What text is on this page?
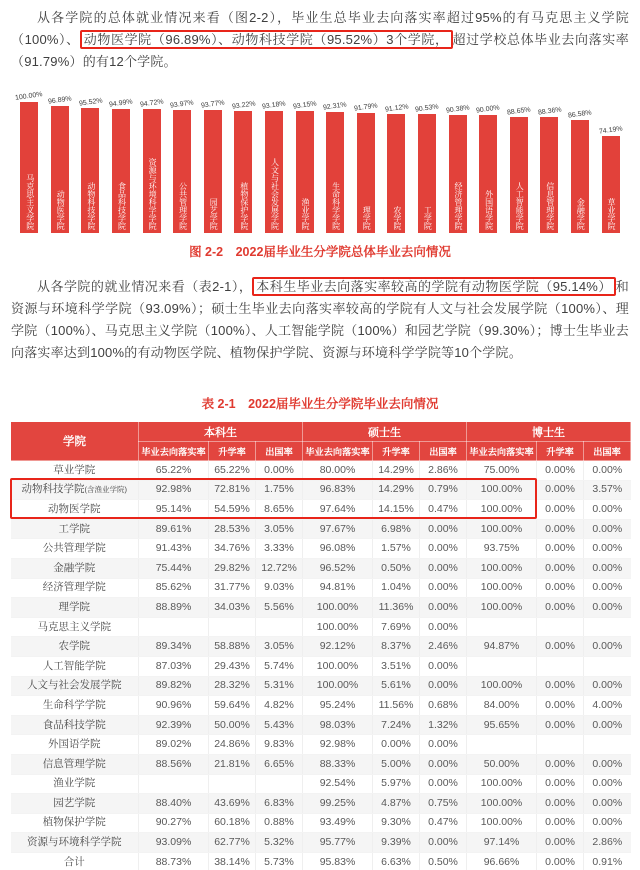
从各学院的总体就业情况来看（图2-2），毕业生总毕业去向落实率超过95%的有马克思主义学院（100%）、 动物医学院（96.89%）、动物科技学院（95.52%）3个学院， 超过学校总体毕业去向落实率（91.79%）的有12个学院。

100.00%
马克思主义学院
96.89%
动物医学院
95.52%
动物科技学院
94.99%
食品科技学院
94.72%
资源与环境科学学院
93.97%
公共管理学院
93.77%
园艺学院
93.22%
植物保护学院
93.18%
人文与社会发展学院
93.15%
渔业学院
92.31%
生命科学学院
91.79%
理学院
91.12%
农学院
90.53%
工学院
90.38%
经济管理学院
90.00%
外国语学院
88.65%
人工智能学院
88.36%
信息管理学院
86.58%
金融学院
74.19%
草业学院
图 2-2　2022届毕业生分学院总体毕业去向情况

从各学院的就业情况来看（表2-1）， 本科生毕业去向落实率较高的学院有动物医学院（95.14%） 和资源与环境科学学院（93.09%）；硕士生毕业去向落实率较高的学院有人文与社会发展学院（100%）、理学院（100%）、马克思主义学院（100%）、人工智能学院（100%）和园艺学院（99.30%）；博士生毕业去向落实率达到100%的有动物医学院、植物保护学院、资源与环境科学学院等10个学院。

表 2-1　2022届毕业生分学院毕业去向情况
学院	本科生			硕士生			博士生		
	毕业去向落实率	升学率	出国率	毕业去向落实率	升学率	出国率	毕业去向落实率	升学率	出国率
草业学院	65.22%	65.22%	0.00%	80.00%	14.29%	2.86%	75.00%	0.00%	0.00%
动物科技学院(含渔业学院)	92.98%	72.81%	1.75%	96.83%	14.29%	0.79%	100.00%	0.00%	3.57%
动物医学院	95.14%	54.59%	8.65%	97.64%	14.15%	0.47%	100.00%	0.00%	0.00%
工学院	89.61%	28.53%	3.05%	97.67%	6.98%	0.00%	100.00%	0.00%	0.00%
公共管理学院	91.43%	34.76%	3.33%	96.08%	1.57%	0.00%	93.75%	0.00%	0.00%
金融学院	75.44%	29.82%	12.72%	96.52%	0.50%	0.00%	100.00%	0.00%	0.00%
经济管理学院	85.62%	31.77%	9.03%	94.81%	1.04%	0.00%	100.00%	0.00%	0.00%
理学院	88.89%	34.03%	5.56%	100.00%	11.36%	0.00%	100.00%	0.00%	0.00%
马克思主义学院				100.00%	7.69%	0.00%			
农学院	89.34%	58.88%	3.05%	92.12%	8.37%	2.46%	94.87%	0.00%	0.00%
人工智能学院	87.03%	29.43%	5.74%	100.00%	3.51%	0.00%			
人文与社会发展学院	89.82%	28.32%	5.31%	100.00%	5.61%	0.00%	100.00%	0.00%	0.00%
生命科学学院	90.96%	59.64%	4.82%	95.24%	11.56%	0.68%	84.00%	0.00%	4.00%
食品科技学院	92.39%	50.00%	5.43%	98.03%	7.24%	1.32%	95.65%	0.00%	0.00%
外国语学院	89.02%	24.86%	9.83%	92.98%	0.00%	0.00%			
信息管理学院	88.56%	21.81%	6.65%	88.33%	5.00%	0.00%	50.00%	0.00%	0.00%
渔业学院				92.54%	5.97%	0.00%	100.00%	0.00%	0.00%
园艺学院	88.40%	43.69%	6.83%	99.25%	4.87%	0.75%	100.00%	0.00%	0.00%
植物保护学院	90.27%	60.18%	0.88%	93.49%	9.30%	0.47%	100.00%	0.00%	0.00%
资源与环境科学学院	93.09%	62.77%	5.32%	95.77%	9.39%	0.00%	97.14%	0.00%	2.86%
合计	88.73%	38.14%	5.73%	95.83%	6.63%	0.50%	96.66%	0.00%	0.91%
